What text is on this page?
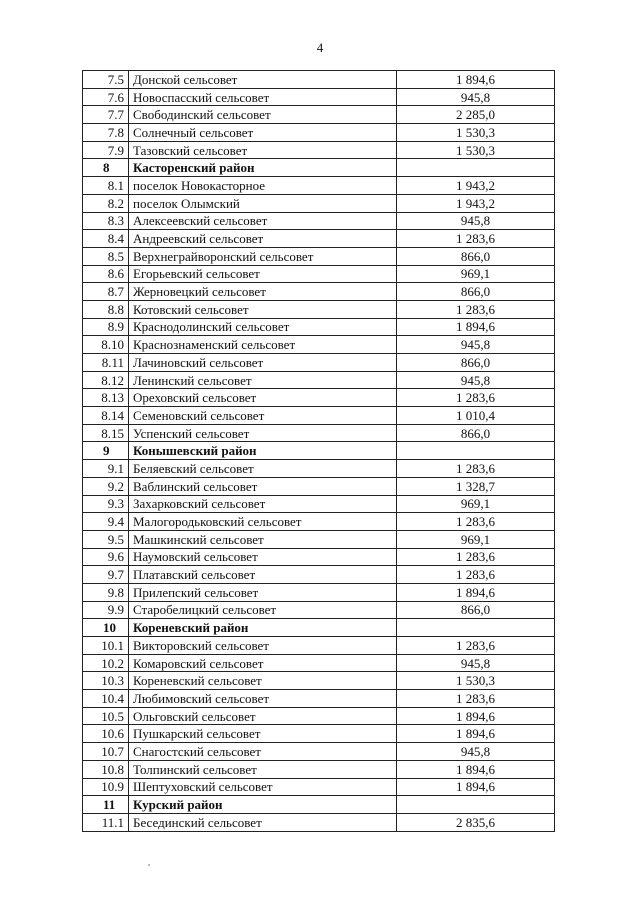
4
7.5	Донской сельсовет	1 894,6
7.6	Новоспасский сельсовет	945,8
7.7	Свободинский сельсовет	2 285,0
7.8	Солнечный сельсовет	1 530,3
7.9	Тазовский сельсовет	1 530,3
8	Касторенский район	
8.1	поселок Новокасторное	1 943,2
8.2	поселок Олымский	1 943,2
8.3	Алексеевский сельсовет	945,8
8.4	Андреевский сельсовет	1 283,6
8.5	Верхнеграйворонский сельсовет	866,0
8.6	Егорьевский сельсовет	969,1
8.7	Жерновецкий сельсовет	866,0
8.8	Котовский сельсовет	1 283,6
8.9	Краснодолинский сельсовет	1 894,6
8.10	Краснознаменский сельсовет	945,8
8.11	Лачиновский сельсовет	866,0
8.12	Ленинский сельсовет	945,8
8.13	Ореховский сельсовет	1 283,6
8.14	Семеновский сельсовет	1 010,4
8.15	Успенский сельсовет	866,0
9	Конышевский район	
9.1	Беляевский сельсовет	1 283,6
9.2	Ваблинский сельсовет	1 328,7
9.3	Захарковский сельсовет	969,1
9.4	Малогородьковский сельсовет	1 283,6
9.5	Машкинский сельсовет	969,1
9.6	Наумовский сельсовет	1 283,6
9.7	Платавский сельсовет	1 283,6
9.8	Прилепский сельсовет	1 894,6
9.9	Старобелицкий сельсовет	866,0
10	Кореневский район	
10.1	Викторовский сельсовет	1 283,6
10.2	Комаровский сельсовет	945,8
10.3	Кореневский сельсовет	1 530,3
10.4	Любимовский сельсовет	1 283,6
10.5	Ольговский сельсовет	1 894,6
10.6	Пушкарский сельсовет	1 894,6
10.7	Снагостский сельсовет	945,8
10.8	Толпинский сельсовет	1 894,6
10.9	Шептуховский сельсовет	1 894,6
11	Курский район	
11.1	Бесединский сельсовет	2 835,6
